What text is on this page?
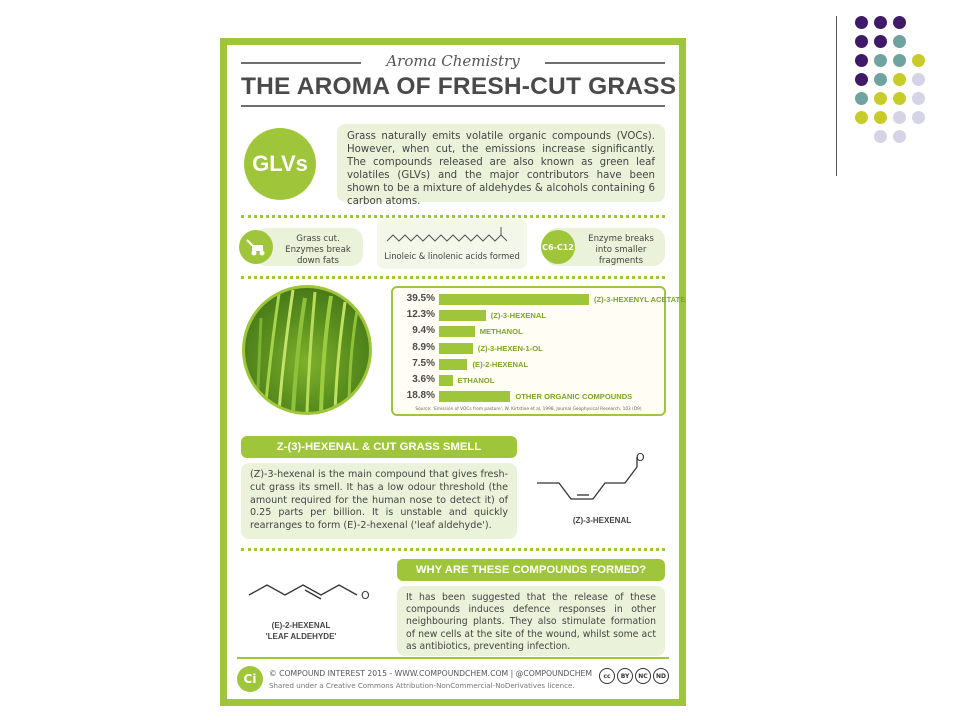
Aroma Chemistry
THE AROMA OF FRESH-CUT GRASS
GLVs
Grass naturally emits volatile organic compounds (VOCs). However, when cut, the emissions increase significantly. The compounds released are also known as green leaf volatiles (GLVs) and the major contributors have been shown to be a mixture of aldehydes & alcohols containing 6 carbon atoms.
Grass cut. Enzymes break down fats	Linoleic & linolenic acids formed
C6-C12
Enzyme breaks into smaller fragments
39.5%	(Z)-3-HEXENYL ACETATE
12.3%	(Z)-3-HEXENAL
9.4%	METHANOL
8.9%	(Z)-3-HEXEN-1-OL
7.5%	(E)-2-HEXENAL
3.6%	ETHANOL
18.8%	OTHER ORGANIC COMPOUNDS
Source: 'Emission of VOCs from pasture', W. Kirtstine et al, 1998, Journal Geophysical Research, 103 (D9)
Z-(3)-HEXENAL & CUT GRASS SMELL
(Z)-3-hexenal is the main compound that gives fresh-cut grass its smell. It has a low odour threshold (the amount required for the human nose to detect it) of 0.25 parts per billion. It is unstable and quickly rearranges to form (E)-2-hexenal ('leaf aldehyde').
O
(Z)-3-HEXENAL
WHY ARE THESE COMPOUNDS FORMED?
It has been suggested that the release of these compounds induces defence responses in other neighbouring plants. They also stimulate formation of new cells at the site of the wound, whilst some act as antibiotics, preventing infection.
O
(E)-2-HEXENAL
'LEAF ALDEHYDE'
Ci	© COMPOUND INTEREST 2015 - WWW.COMPOUNDCHEM.COM | @COMPOUNDCHEM
Shared under a Creative Commons Attribution-NonCommercial-NoDerivatives licence.
cc	BY	NC	ND
